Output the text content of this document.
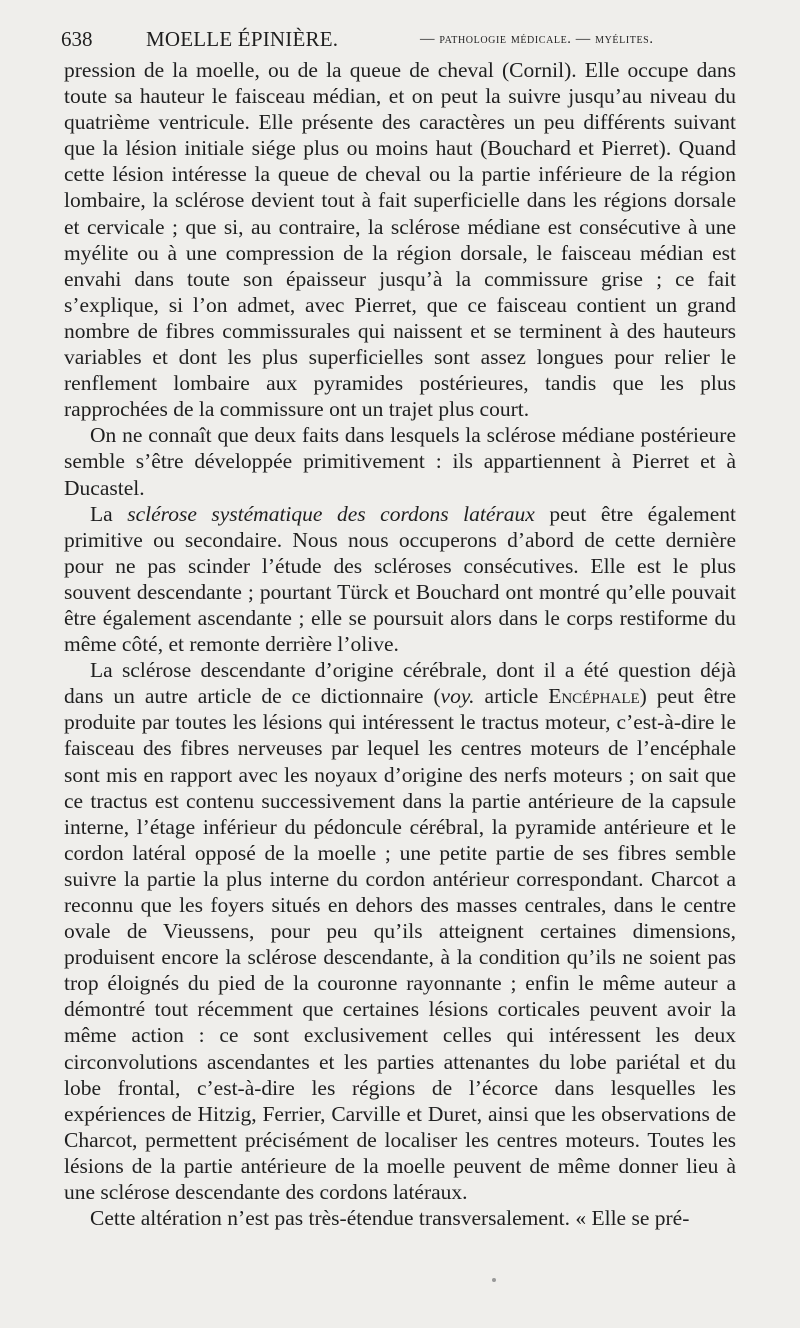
638	MOELLE ÉPINIÈRE.	— pathologie médicale. — myélites.

pression de la moelle, ou de la queue de cheval (Cornil). Elle occupe dans toute sa hauteur le faisceau médian, et on peut la suivre jusqu’au niveau du quatrième ventricule. Elle présente des caractères un peu différents suivant que la lésion initiale siége plus ou moins haut (Bouchard et Pierret). Quand cette lésion intéresse la queue de cheval ou la partie inférieure de la région lombaire, la sclérose devient tout à fait superficielle dans les régions dorsale et cervicale ; que si, au contraire, la sclérose médiane est consécutive à une myélite ou à une compression de la région dorsale, le faisceau médian est envahi dans toute son épaisseur jusqu’à la commissure grise ; ce fait s’explique, si l’on admet, avec Pierret, que ce faisceau contient un grand nombre de fibres commissurales qui naissent et se terminent à des hauteurs variables et dont les plus superficielles sont assez longues pour relier le renflement lombaire aux pyramides postérieures, tandis que les plus rapprochées de la commissure ont un trajet plus court.

On ne connaît que deux faits dans lesquels la sclérose médiane postérieure semble s’être développée primitivement : ils appartiennent à Pierret et à Ducastel.

La sclérose systématique des cordons latéraux peut être également primitive ou secondaire. Nous nous occuperons d’abord de cette dernière pour ne pas scinder l’étude des scléroses consécutives. Elle est le plus souvent descendante ; pourtant Türck et Bouchard ont montré qu’elle pouvait être également ascendante ; elle se poursuit alors dans le corps restiforme du même côté, et remonte derrière l’olive.

La sclérose descendante d’origine cérébrale, dont il a été question déjà dans un autre article de ce dictionnaire (voy. article Encéphale) peut être produite par toutes les lésions qui intéressent le tractus moteur, c’est-à-dire le faisceau des fibres nerveuses par lequel les centres moteurs de l’encéphale sont mis en rapport avec les noyaux d’origine des nerfs moteurs ; on sait que ce tractus est contenu successivement dans la partie antérieure de la capsule interne, l’étage inférieur du pédoncule cérébral, la pyramide antérieure et le cordon latéral opposé de la moelle ; une petite partie de ses fibres semble suivre la partie la plus interne du cordon antérieur correspondant. Charcot a reconnu que les foyers situés en dehors des masses centrales, dans le centre ovale de Vieussens, pour peu qu’ils atteignent certaines dimensions, produisent encore la sclérose descendante, à la condition qu’ils ne soient pas trop éloignés du pied de la couronne rayonnante ; enfin le même auteur a démontré tout récemment que certaines lésions corticales peuvent avoir la même action : ce sont exclusivement celles qui intéressent les deux circonvolutions ascendantes et les parties attenantes du lobe pariétal et du lobe frontal, c’est-à-dire les régions de l’écorce dans lesquelles les expériences de Hitzig, Ferrier, Carville et Duret, ainsi que les observations de Charcot, permettent précisément de localiser les centres moteurs. Toutes les lésions de la partie antérieure de la moelle peuvent de même donner lieu à une sclérose descendante des cordons latéraux.

Cette altération n’est pas très-étendue transversalement. « Elle se pré-
